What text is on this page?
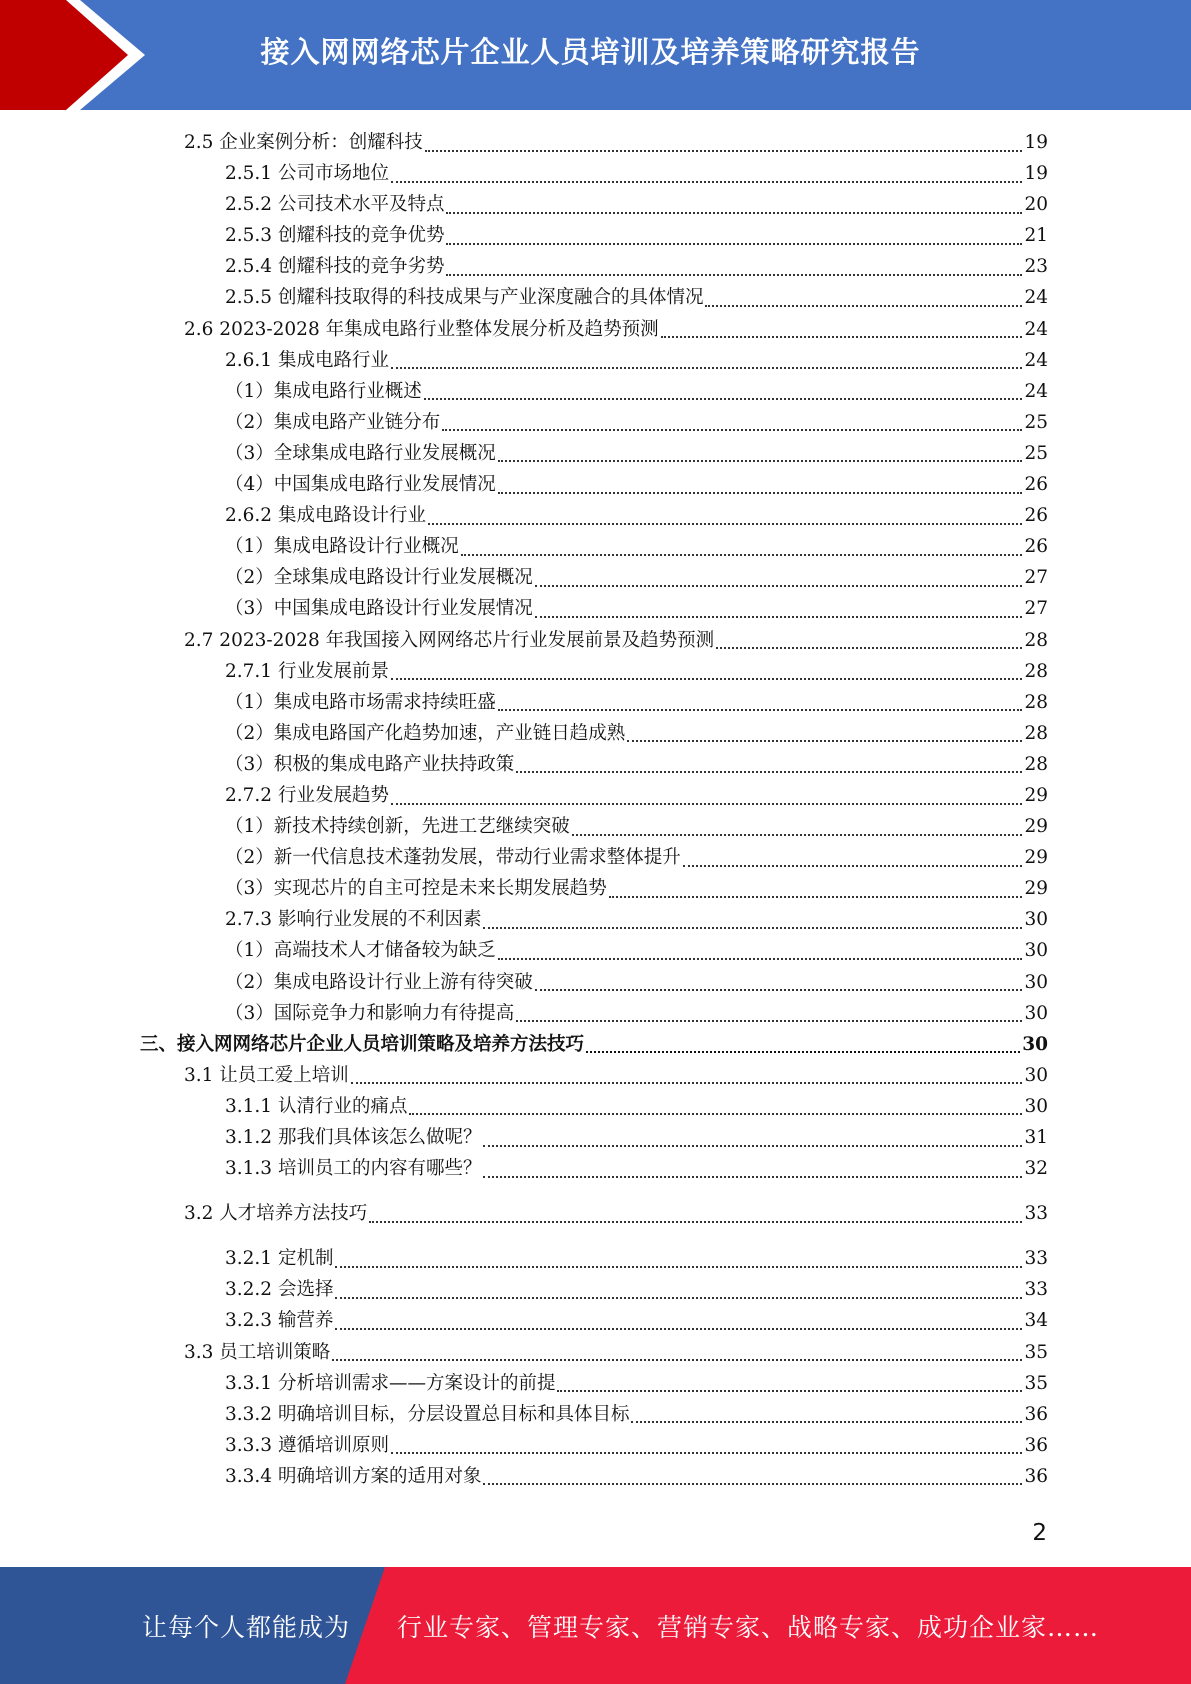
接入网网络芯片企业人员培训及培养策略研究报告
2.5 企业案例分析：创耀科技	19
2.5.1 公司市场地位	19
2.5.2 公司技术水平及特点	20
2.5.3 创耀科技的竞争优势	21
2.5.4 创耀科技的竞争劣势	23
2.5.5 创耀科技取得的科技成果与产业深度融合的具体情况	24
2.6 2023-2028 年集成电路行业整体发展分析及趋势预测	24
2.6.1 集成电路行业	24
（1）集成电路行业概述	24
（2）集成电路产业链分布	25
（3）全球集成电路行业发展概况	25
（4）中国集成电路行业发展情况	26
2.6.2 集成电路设计行业	26
（1）集成电路设计行业概况	26
（2）全球集成电路设计行业发展概况	27
（3）中国集成电路设计行业发展情况	27
2.7 2023-2028 年我国接入网网络芯片行业发展前景及趋势预测	28
2.7.1 行业发展前景	28
（1）集成电路市场需求持续旺盛	28
（2）集成电路国产化趋势加速，产业链日趋成熟	28
（3）积极的集成电路产业扶持政策	28
2.7.2 行业发展趋势	29
（1）新技术持续创新，先进工艺继续突破	29
（2）新一代信息技术蓬勃发展，带动行业需求整体提升	29
（3）实现芯片的自主可控是未来长期发展趋势	29
2.7.3 影响行业发展的不利因素	30
（1）高端技术人才储备较为缺乏	30
（2）集成电路设计行业上游有待突破	30
（3）国际竞争力和影响力有待提高	30
三、接入网网络芯片企业人员培训策略及培养方法技巧	30
3.1 让员工爱上培训	30
3.1.1 认清行业的痛点	30
3.1.2 那我们具体该怎么做呢？	31
3.1.3 培训员工的内容有哪些？	32
3.2 人才培养方法技巧	33
3.2.1 定机制	33
3.2.2 会选择	33
3.2.3 输营养	34
3.3 员工培训策略	35
3.3.1 分析培训需求——方案设计的前提	35
3.3.2 明确培训目标，分层设置总目标和具体目标	36
3.3.3 遵循培训原则	36
3.3.4 明确培训方案的适用对象	36
2
让每个人都能成为 行业专家、管理专家、营销专家、战略专家、成功企业家……
